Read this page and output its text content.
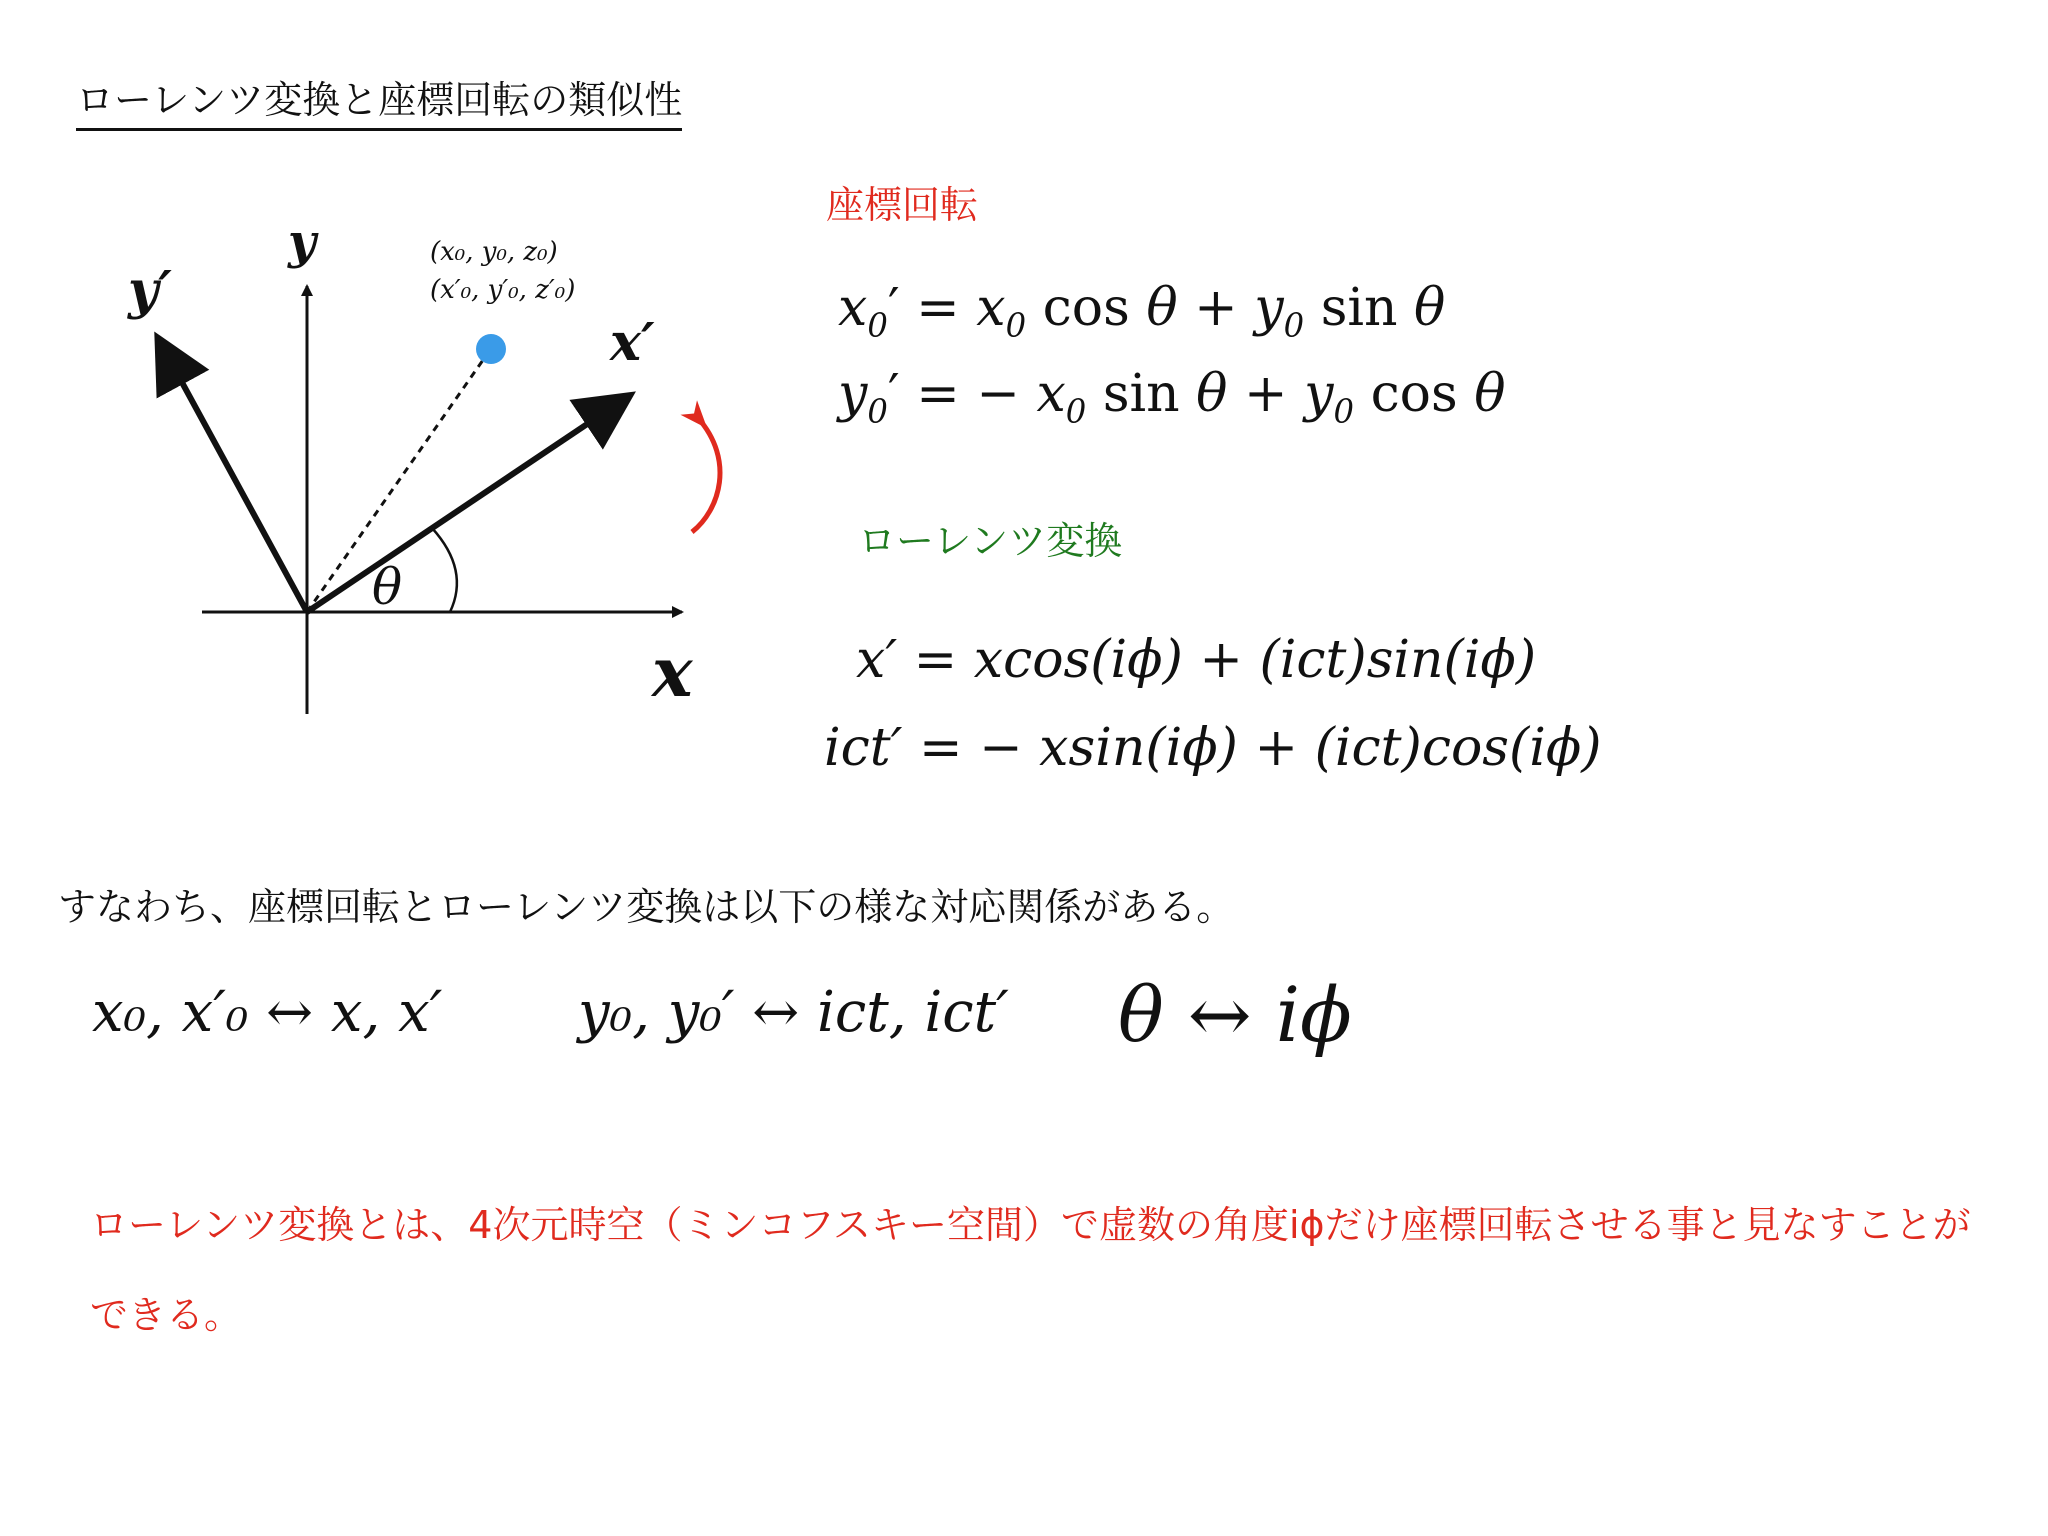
ローレンツ変換と座標回転の類似性
x
y
x′
y′
θ
(x₀, y₀, z₀)
(x′₀, y′₀, z′₀)
座標回転
$x_0' = x_0$ $\cos \theta + y_0$ sin θ
$y_0'$ = − $x_0$ $\sin \theta + y_0$ cos θ
ローレンツ変換
x′ = xcos(iϕ) + (ict)sin(iϕ)
ict′ = − xsin(iϕ) + (ict)cos(iϕ)
すなわち、座標回転とローレンツ変換は以下の様な対応関係がある。
x₀, x′₀ ↔ x, x′ y₀, y₀′ ↔ ict, ict′ θ ↔ iϕ
ローレンツ変換とは、4次元時空（ミンコフスキー空間）で虚数の角度iϕだけ座標回転させる事と見なすことができる。
